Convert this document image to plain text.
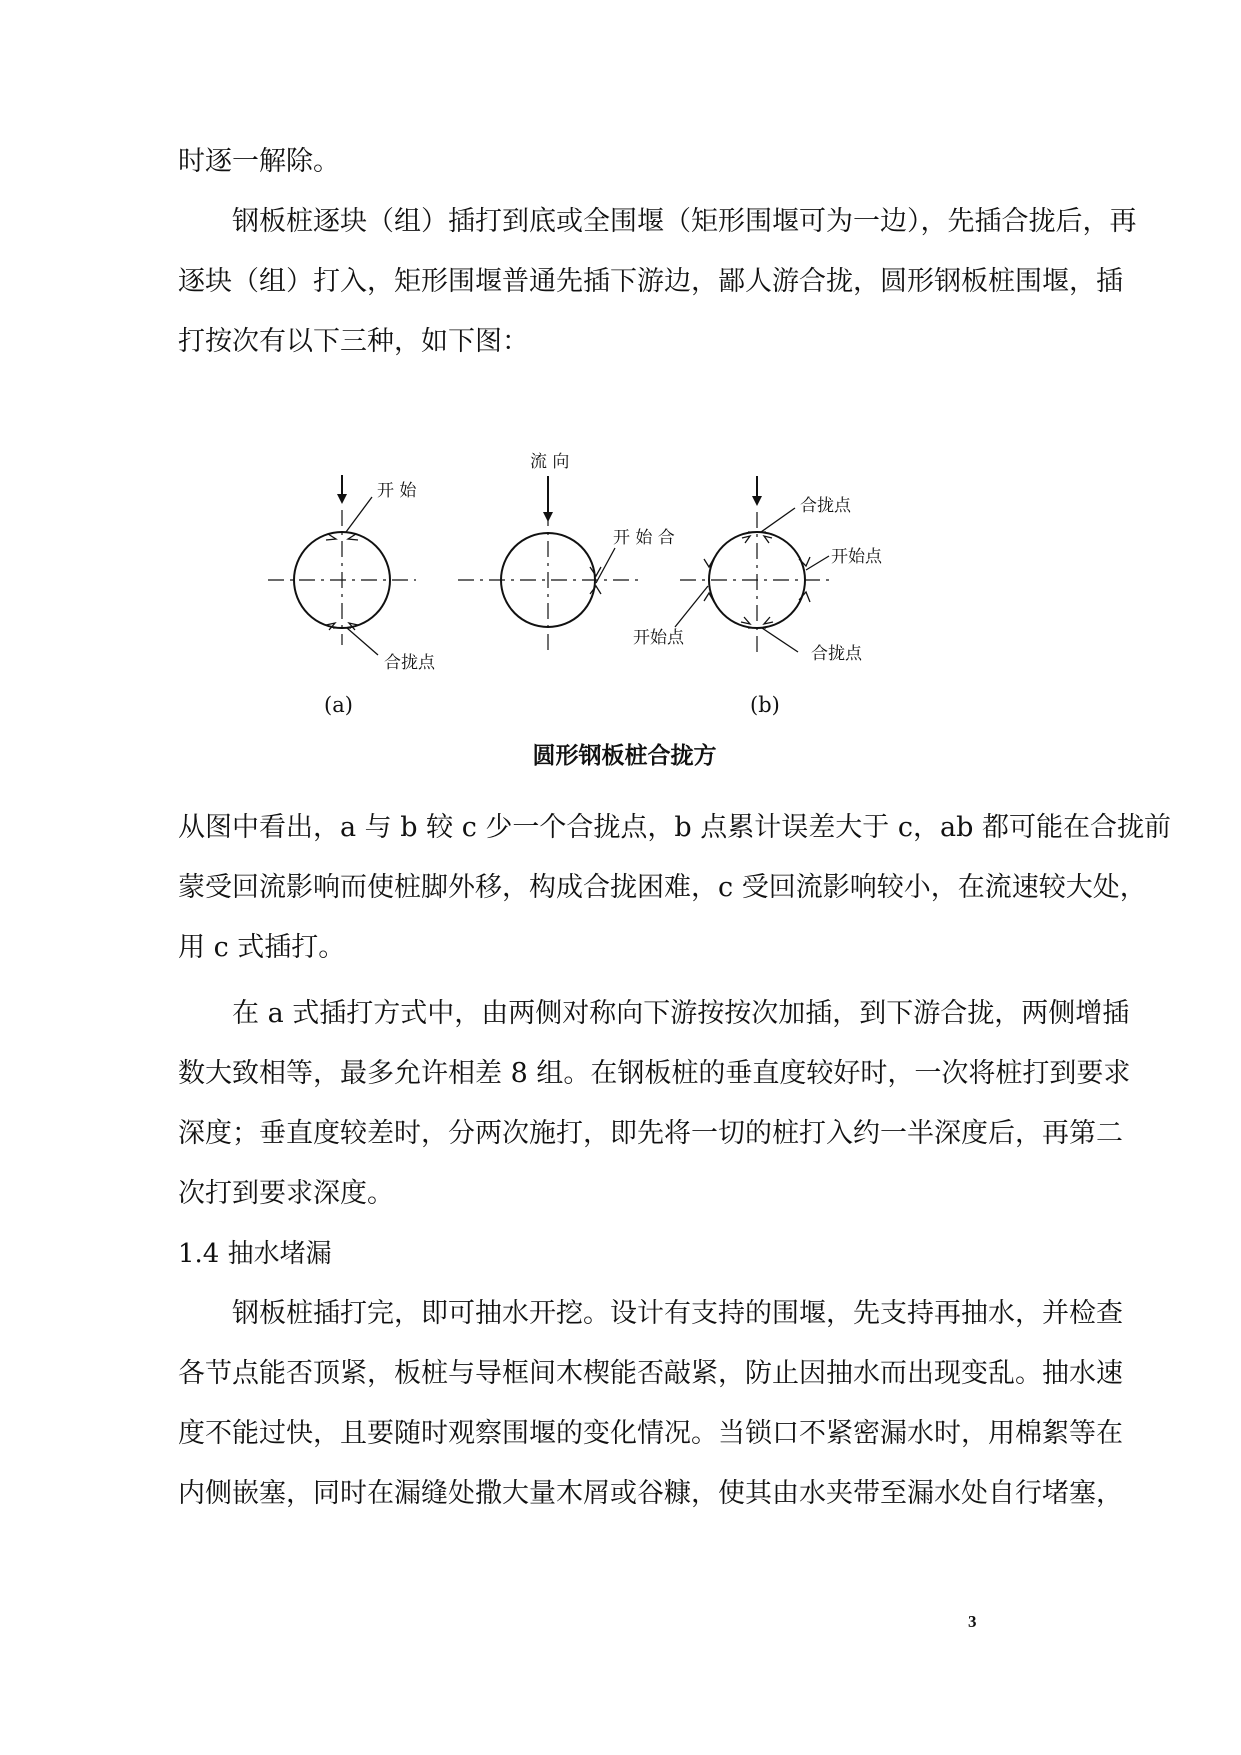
时逐一解除。
钢板桩逐块（组）插打到底或全围堰（矩形围堰可为一边），先插合拢后，再
逐块（组）打入，矩形围堰普通先插下游边，鄙人游合拢，圆形钢板桩围堰，插
打按次有以下三种，如下图：
开 始
合拢点
流 向
开 始 合
合拢点
开始点
开始点
合拢点
(a)	(b)
圆形钢板桩合拢方
从图中看出，a 与 b 较 c 少一个合拢点，b 点累计误差大于 c，ab 都可能在合拢前
蒙受回流影响而使桩脚外移，构成合拢困难，c 受回流影响较小，在流速较大处，
用 c 式插打。
在 a 式插打方式中，由两侧对称向下游按按次加插，到下游合拢，两侧增插
数大致相等，最多允许相差 8 组。在钢板桩的垂直度较好时，一次将桩打到要求
深度；垂直度较差时，分两次施打，即先将一切的桩打入约一半深度后，再第二
次打到要求深度。
1.4 抽水堵漏
钢板桩插打完，即可抽水开挖。设计有支持的围堰，先支持再抽水，并检查
各节点能否顶紧，板桩与导框间木楔能否敲紧，防止因抽水而出现变乱。抽水速
度不能过快，且要随时观察围堰的变化情况。当锁口不紧密漏水时，用棉絮等在
内侧嵌塞，同时在漏缝处撒大量木屑或谷糠，使其由水夹带至漏水处自行堵塞，
3
